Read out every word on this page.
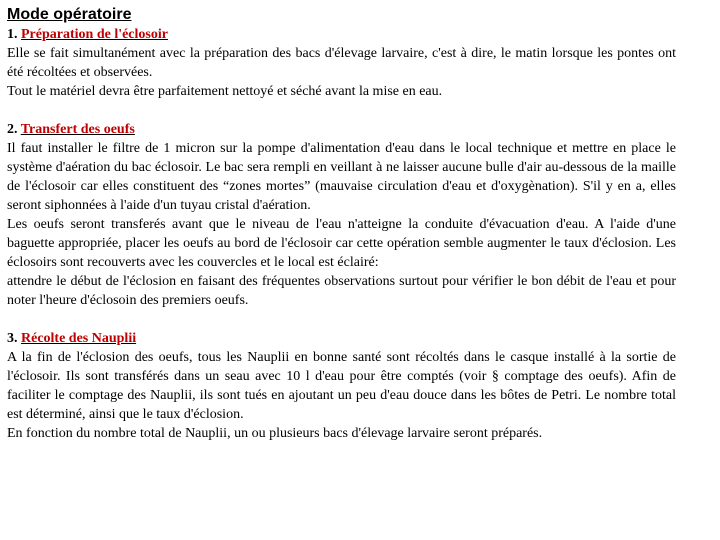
Mode opératoire

1. Préparation de l'éclosoir

Elle se fait simultanément avec la préparation des bacs d'élevage larvaire, c'est à dire, le matin lorsque les pontes ont été récoltées et observées.

Tout le matériel devra être parfaitement nettoyé et séché avant la mise en eau.

2. Transfert des oeufs

Il faut installer le filtre de 1 micron sur la pompe d'alimentation d'eau dans le local technique et mettre en place le système d'aération du bac éclosoir. Le bac sera rempli en veillant à ne laisser aucune bulle d'air au-dessous de la maille de l'éclosoir car elles constituent des “zones mortes” (mauvaise circulation d'eau et d'oxygènation). S'il y en a, elles seront siphonnées à l'aide d'un tuyau cristal d'aération.

Les oeufs seront transferés avant que le niveau de l'eau n'atteigne la conduite d'évacuation d'eau. A l'aide d'une baguette appropriée, placer les oeufs au bord de l'éclosoir car cette opération semble augmenter le taux d'éclosion. Les éclosoirs sont recouverts avec les couvercles et le local est éclairé:

attendre le début de l'éclosion en faisant des fréquentes observations surtout pour vérifier le bon débit de l'eau et pour noter l'heure d'éclosoin des premiers oeufs.

3. Récolte des Nauplii

A la fin de l'éclosion des oeufs, tous les Nauplii en bonne santé sont récoltés dans le casque installé à la sortie de l'éclosoir. Ils sont transférés dans un seau avec 10 l d'eau pour être comptés (voir § comptage des oeufs). Afin de faciliter le comptage des Nauplii, ils sont tués en ajoutant un peu d'eau douce dans les bôtes de Petri. Le nombre total est déterminé, ainsi que le taux d'éclosion.

En fonction du nombre total de Nauplii, un ou plusieurs bacs d'élevage larvaire seront préparés.
